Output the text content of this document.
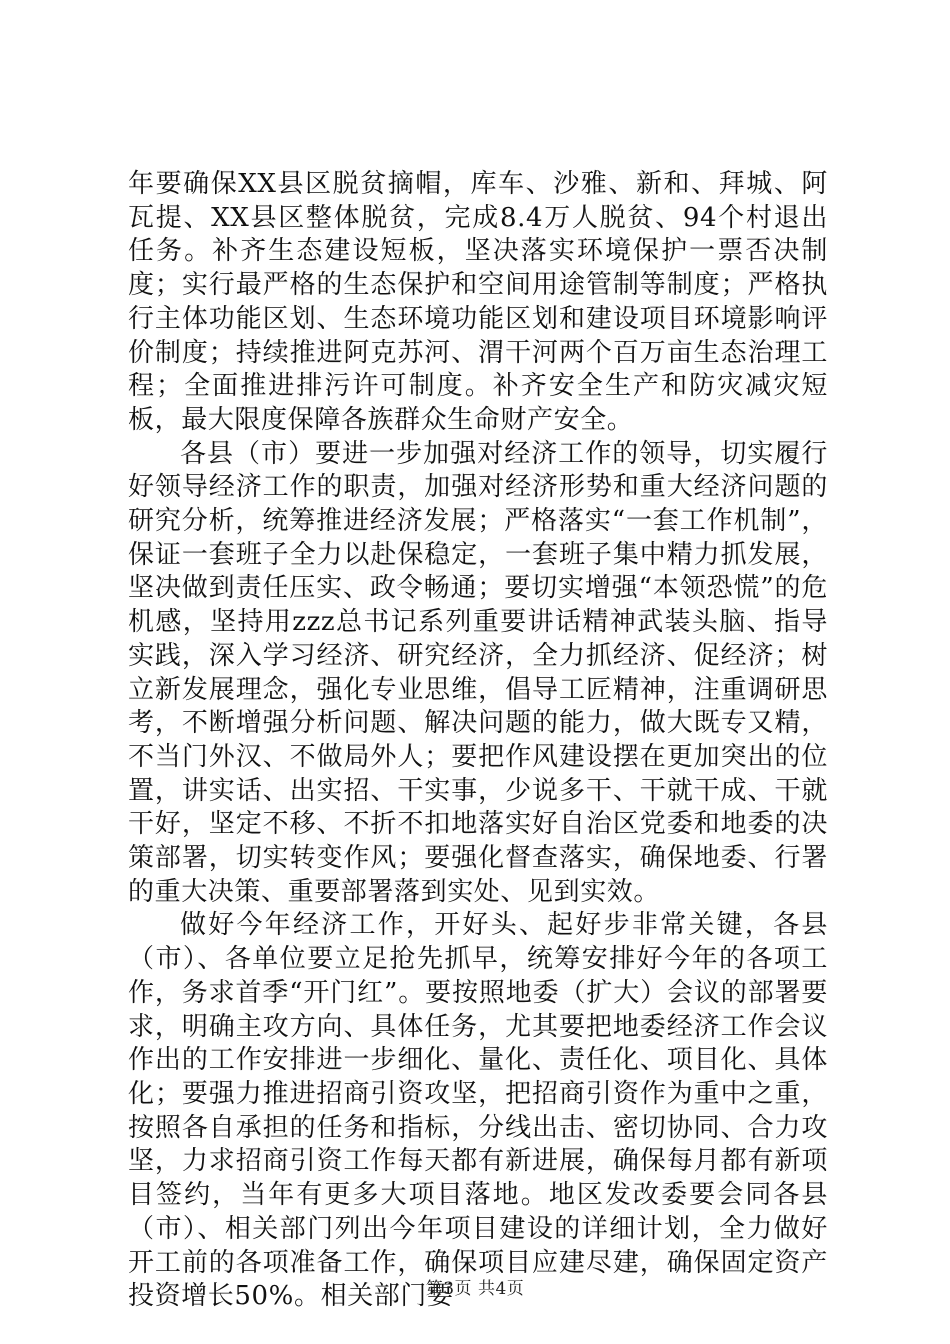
年要确保XX县区脱贫摘帽，库车、沙雅、新和、拜城、阿瓦提、XX县区整体脱贫，完成8.4万人脱贫、94个村退出任务。补齐生态建设短板，坚决落实环境保护一票否决制度；实行最严格的生态保护和空间用途管制等制度；严格执行主体功能区划、生态环境功能区划和建设项目环境影响评价制度；持续推进阿克苏河、渭干河两个百万亩生态治理工程；全面推进排污许可制度。补齐安全生产和防灾减灾短板，最大限度保障各族群众生命财产安全。

各县（市）要进一步加强对经济工作的领导，切实履行好领导经济工作的职责，加强对经济形势和重大经济问题的研究分析，统筹推进经济发展；严格落实“一套工作机制”，保证一套班子全力以赴保稳定，一套班子集中精力抓发展，坚决做到责任压实、政令畅通；要切实增强“本领恐慌”的危机感，坚持用zzz总书记系列重要讲话精神武装头脑、指导实践，深入学习经济、研究经济，全力抓经济、促经济；树立新发展理念，强化专业思维，倡导工匠精神，注重调研思考，不断增强分析问题、解决问题的能力，做大既专又精，不当门外汉、不做局外人；要把作风建设摆在更加突出的位置，讲实话、出实招、干实事，少说多干、干就干成、干就干好，坚定不移、不折不扣地落实好自治区党委和地委的决策部署，切实转变作风；要强化督查落实，确保地委、行署的重大决策、重要部署落到实处、见到实效。

做好今年经济工作，开好头、起好步非常关键，各县（市）、各单位要立足抢先抓早，统筹安排好今年的各项工作，务求首季“开门红”。要按照地委（扩大）会议的部署要求，明确主攻方向、具体任务，尤其要把地委经济工作会议作出的工作安排进一步细化、量化、责任化、项目化、具体化；要强力推进招商引资攻坚，把招商引资作为重中之重，按照各自承担的任务和指标，分线出击、密切协同、合力攻坚，力求招商引资工作每天都有新进展，确保每月都有新项目签约，当年有更多大项目落地。地区发改委要会同各县（市）、相关部门列出今年项目建设的详细计划，全力做好开工前的各项准备工作，确保项目应建尽建，确保固定资产投资增长50%。相关部门要

第3页 共4页
